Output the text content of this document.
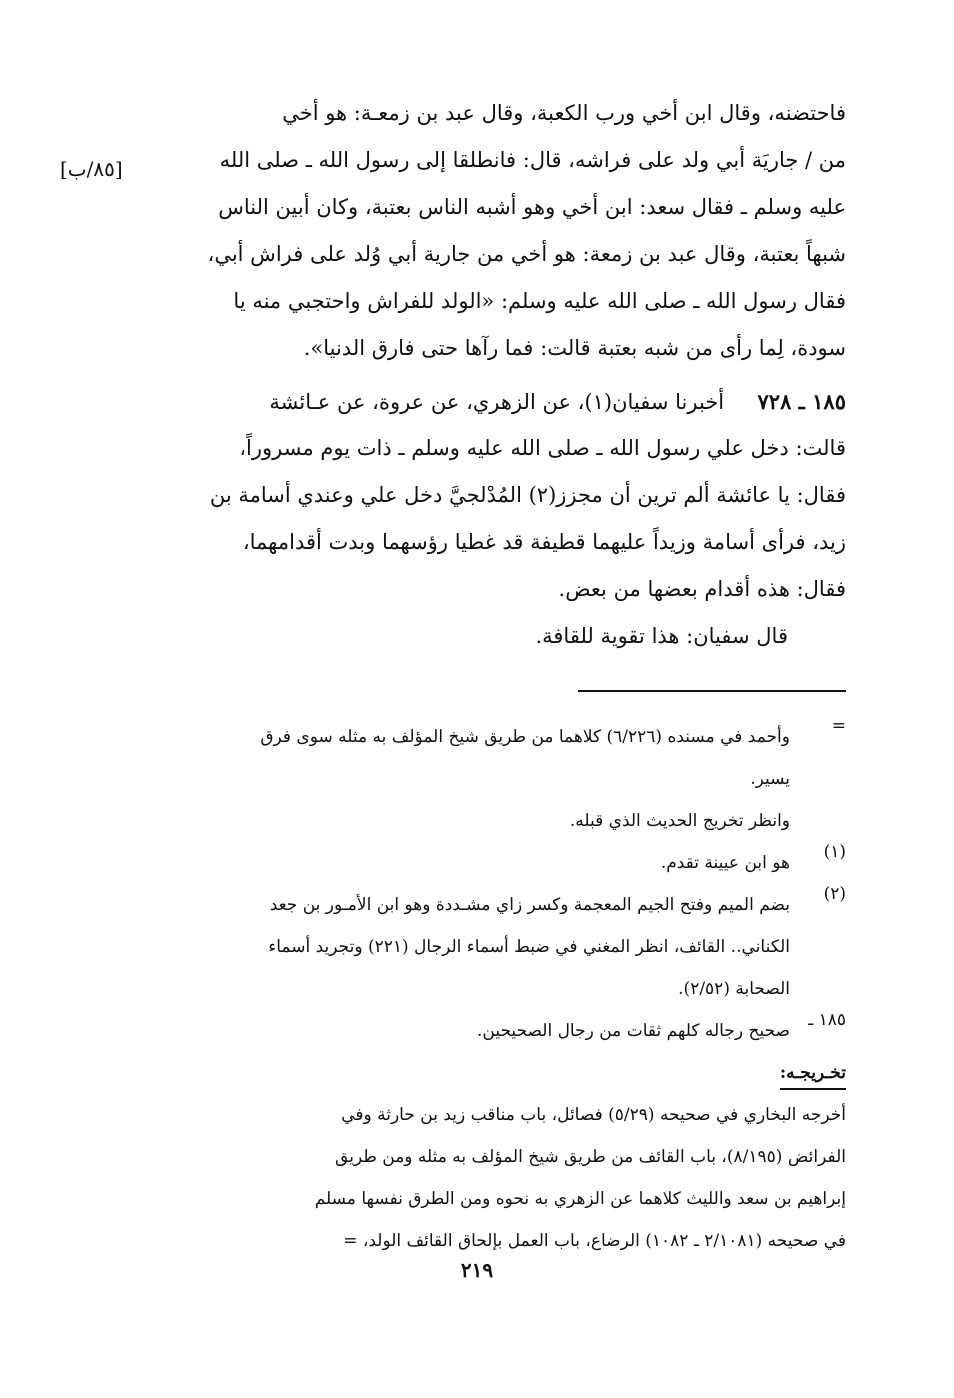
[٨٥/ب]
فاحتضنه، وقال ابن أخي ورب الكعبة، وقال عبد بن زمعـة: هو أخي
من / جاريَة أبي ولد على فراشه، قال: فانطلقا إلى رسول الله ـ صلى الله
عليه وسلم ـ فقال سعد: ابن أخي وهو أشبه الناس بعتبة، وكان أبين الناس
شبهاً بعتبة، وقال عبد بن زمعة: هو أخي من جارية أبي وُلد على فراش أبي،
فقال رسول الله ـ صلى الله عليه وسلم: «الولد للفراش واحتجبي منه يا
سودة، لِما رأى من شبه بعتبة قالت: فما رآها حتى فارق الدنيا».
١٨٥ ـ ٧٢٨     أخبرنا سفيان(١)، عن الزهري، عن عروة، عن عـائشة
قالت: دخل علي رسول الله ـ صلى الله عليه وسلم ـ ذات يوم مسروراً،
فقال: يا عائشة ألم ترين أن مجزز(٢) المُدْلجيَّ دخل علي وعندي أسامة بن
زيد، فرأى أسامة وزيداً عليهما قطيفة قد غطيا رؤسهما وبدت أقدامهما،
فقال: هذه أقدام بعضها من بعض.
قال سفيان: هذا تقوية للقافة.
=
وأحمد في مسنده (٦/٢٢٦) كلاهما من طريق شيخ المؤلف به مثله سوى فرق
يسير.
وانظر تخريج الحديث الذي قبله.
(١)
هو ابن عيينة تقدم.
(٢)
بضم الميم وفتح الجيم المعجمة وكسر زاي مشـددة وهو ابن الأمـور بن جعد
الكناني.. القائف، انظر المغني في ضبط أسماء الرجال (٢٢١) وتجريد أسماء
الصحابة (٢/٥٢).
١٨٥ ـ
صحيح رجاله كلهم ثقات من رجال الصحيحين.
تخـريجـه:
أخرجه البخاري في صحيحه (٥/٢٩) فصائل، باب مناقب زيد بن حارثة وفي
الفرائض (٨/١٩٥)، باب القائف من طريق شيخ المؤلف به مثله ومن طريق
إبراهيم بن سعد والليث كلاهما عن الزهري به نحوه ومن الطرق نفسها مسلم
في صحيحه (٢/١٠٨١ ـ ١٠٨٢) الرضاع، باب العمل بإلحاق القائف الولد، =
٢١٩
